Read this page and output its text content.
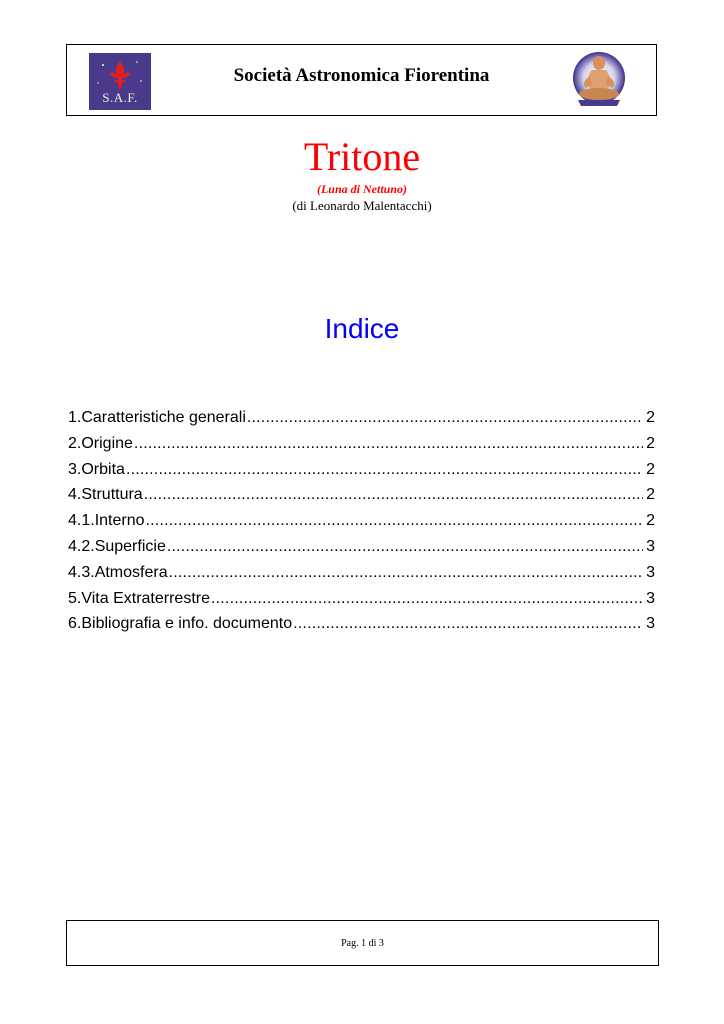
S.A.F.
Società Astronomica Fiorentina
Tritone
(Luna di Nettuno)
(di Leonardo Malentacchi)
Indice
1. Caratteristiche generali .....	2
2. Origine .....	2
3. Orbita .....	2
4. Struttura .....	2
4.1. Interno .....	2
4.2. Superficie .....	3
4.3. Atmosfera .....	3
5. Vita Extraterrestre .....	3
6. Bibliografia e info. documento .....	3
Pag. 1 di 3
